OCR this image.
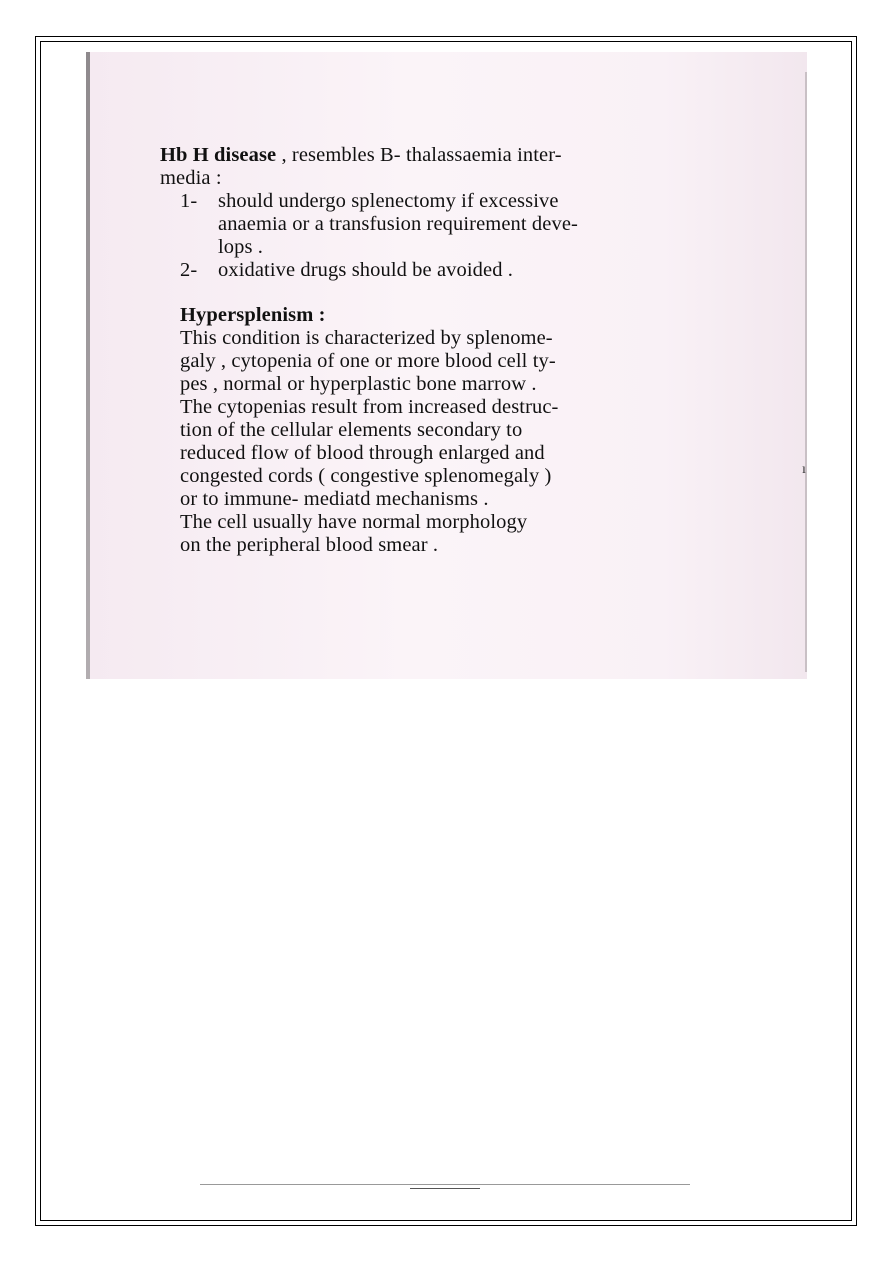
Hb H disease , resembles B- thalassaemia inter-
media :

1-	should undergo splenectomy if excessive
anaemia or a transfusion requirement deve-
lops .
2-	oxidative drugs should be avoided .

Hypersplenism :

This condition is characterized by splenome-
galy , cytopenia of one or more blood cell ty-
pes , normal or hyperplastic bone marrow .
The cytopenias result from increased destruc-
tion of the cellular elements secondary to
reduced flow of blood through enlarged and
congested cords ( congestive splenomegaly )
or to immune- mediatd mechanisms .
The cell usually have normal morphology
on the peripheral blood smear .

ı
